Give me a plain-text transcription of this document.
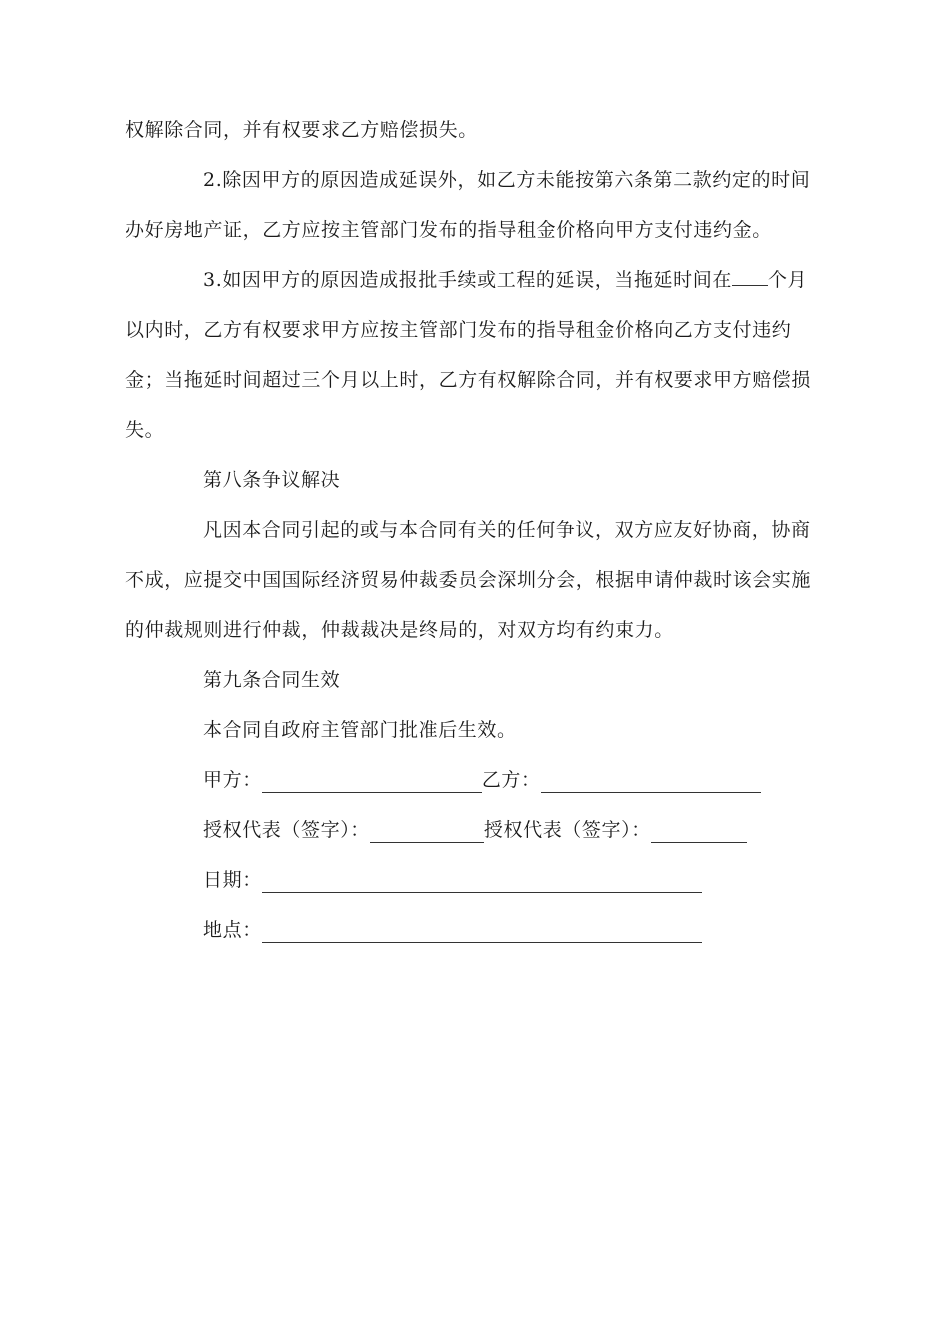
权解除合同，并有权要求乙方赔偿损失。

2.除因甲方的原因造成延误外，如乙方未能按第六条第二款约定的时间办好房地产证，乙方应按主管部门发布的指导租金价格向甲方支付违约金。

3.如因甲方的原因造成报批手续或工程的延误，当拖延时间在 个月以内时，乙方有权要求甲方应按主管部门发布的指导租金价格向乙方支付违约金；当拖延时间超过三个月以上时，乙方有权解除合同，并有权要求甲方赔偿损失。

第八条争议解决

凡因本合同引起的或与本合同有关的任何争议，双方应友好协商，协商不成，应提交中国国际经济贸易仲裁委员会深圳分会，根据申请仲裁时该会实施的仲裁规则进行仲裁，仲裁裁决是终局的，对双方均有约束力。

第九条合同生效

本合同自政府主管部门批准后生效。

甲方：	乙方：
授权代表（签字）：	授权代表（签字）：
日期：
地点：
